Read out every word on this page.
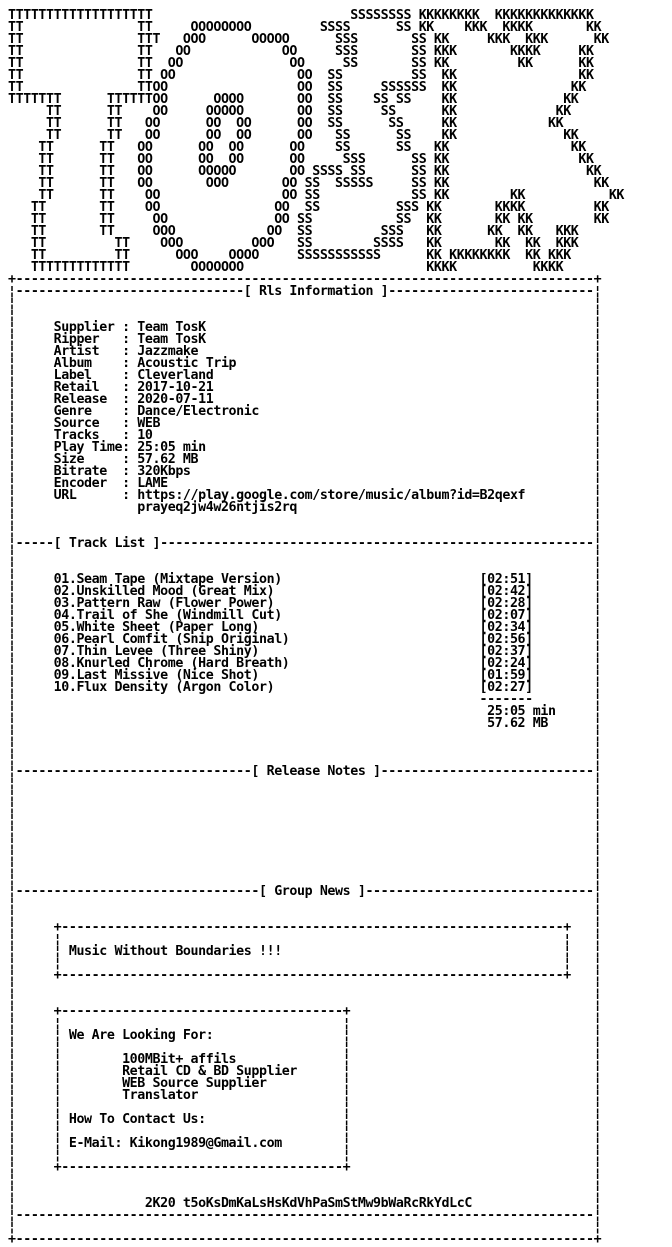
TTTTTTTTTTTTTTTTTTT                          SSSSSSSS KKKKKKKK  KKKKKKKKKKKKK
TT               TT     OOOOOOOO         SSSS      SS KK    KKK  KKKK       KK
TT               TTT   OOO      OOOOO      SSS       SS KK     KKK  KKK      KK
TT               TT   OO            OO     SSS       SS KKK       KKKK     KK
TT               TT  OO              OO     SS       SS KK         KK      KK
TT               TT OO                OO  SS         SS  KK                KK
TT               TTOO                 OO  SS     SSSSSS  KK               KK
TTTTTTT      TTTTTTOO      OOOO       OO  SS    SS SS    KK              KK
TT      TT    OO     OOOOO       OO  SS     SS      KK             KK
TT      TT   OO      OO  OO      OO  SS      SS     KK            KK
TT      TT   OO      OO  OO      OO   SS      SS    KK              KK
TT      TT   OO      OO  OO      OO    SS      SS   KK                KK
TT      TT   OO      OO  OO      OO     SSS      SS KK                 KK
TT      TT   OO      OOOOO       OO SSSS SS      SS KK                  KK
TT      TT   OO       OOO       OO SS  SSSSS     SS KK                   KK
TT      TT    OO                OO SS            SS KK        KK           KK
TT       TT    OO               OO  SS          SSS KK       KKKK         KK
TT       TT     OO              OO SS           SS  KK       KK KK        KK
TT       TT     OOO            OO  SS         SSS   KK      KK  KK   KKK
TT         TT    OOO         OOO   SS        SSSS   KK       KK  KK  KKK
TT         TT      OOO    OOOO     SSSSSSSSSSS      KK KKKKKKKK  KK KKK
TTTTTTTTTTTTT        OOOOOOO                        KKKK          KKKK
+----------------------------------------------------------------------------+
¦------------------------------[ Rls Information ]---------------------------¦
¦                                                                            ¦
¦                                                                            ¦
¦     Supplier : Team TosK                                                   ¦
¦     Ripper   : Team TosK                                                   ¦
¦     Artist   : Jazzmake                                                    ¦
¦     Album    : Acoustic Trip                                               ¦
¦     Label    : Cleverland                                                  ¦
¦     Retail   : 2017-10-21                                                  ¦
¦     Release  : 2020-07-11                                                  ¦
¦     Genre    : Dance/Electronic                                            ¦
¦     Source   : WEB                                                         ¦
¦     Tracks   : 10                                                          ¦
¦     Play Time: 25:05 min                                                   ¦
¦     Size     : 57.62 MB                                                    ¦
¦     Bitrate  : 320Kbps                                                     ¦
¦     Encoder  : LAME                                                        ¦
¦     URL      : https://play.google.com/store/music/album?id=B2qexf         ¦
¦                prayeq2jw4w26ntjis2rq                                       ¦
¦                                                                            ¦
¦                                                                            ¦
¦-----[ Track List ]---------------------------------------------------------¦
¦                                                                            ¦
¦                                                                            ¦
¦     01.Seam Tape (Mixtape Version)                          [02:51]        ¦
¦     02.Unskilled Mood (Great Mix)                           [02:42]        ¦
¦     03.Pattern Raw (Flower Power)                           [02:28]        ¦
¦     04.Trail of She (Windmill Cut)                          [02:07]        ¦
¦     05.White Sheet (Paper Long)                             [02:34]        ¦
¦     06.Pearl Comfit (Snip Original)                         [02:56]        ¦
¦     07.Thin Levee (Three Shiny)                             [02:37]        ¦
¦     08.Knurled Chrome (Hard Breath)                         [02:24]        ¦
¦     09.Last Missive (Nice Shot)                             [01:59]        ¦
¦     10.Flux Density (Argon Color)                           [02:27]        ¦
¦                                                             -------        ¦
¦                                                              25:05 min     ¦
¦                                                              57.62 MB      ¦
¦                                                                            ¦
¦                                                                            ¦
¦                                                                            ¦
¦-------------------------------[ Release Notes ]----------------------------¦
¦                                                                            ¦
¦                                                                            ¦
¦                                                                            ¦
¦                                                                            ¦
¦                                                                            ¦
¦                                                                            ¦
¦                                                                            ¦
¦                                                                            ¦
¦                                                                            ¦
¦--------------------------------[ Group News ]------------------------------¦
¦                                                                            ¦
¦                                                                            ¦
¦     +------------------------------------------------------------------+   ¦
¦     ¦                                                                  ¦   ¦
¦     ¦ Music Without Boundaries !!!                                     ¦   ¦
¦     ¦                                                                  ¦   ¦
¦     +------------------------------------------------------------------+   ¦
¦                                                                            ¦
¦                                                                            ¦
¦     +-------------------------------------+                                ¦
¦     ¦                                     ¦                                ¦
¦     ¦ We Are Looking For:                 ¦                                ¦
¦     ¦                                     ¦                                ¦
¦     ¦        100MBit+ affils              ¦                                ¦
¦     ¦        Retail CD & BD Supplier      ¦                                ¦
¦     ¦        WEB Source Supplier          ¦                                ¦
¦     ¦        Translator                   ¦                                ¦
¦     ¦                                     ¦                                ¦
¦     ¦ How To Contact Us:                  ¦                                ¦
¦     ¦                                     ¦                                ¦
¦     ¦ E-Mail: Kikong1989@Gmail.com        ¦                                ¦
¦     ¦                                     ¦                                ¦
¦     +-------------------------------------+                                ¦
¦                                                                            ¦
¦                                                                            ¦
¦                 2K20 t5oKsDmKaLsHsKdVhPaSmStMw9bWaRcRkYdLcC                ¦
¦----------------------------------------------------------------------------¦
¦                                                                            ¦
+----------------------------------------------------------------------------+
